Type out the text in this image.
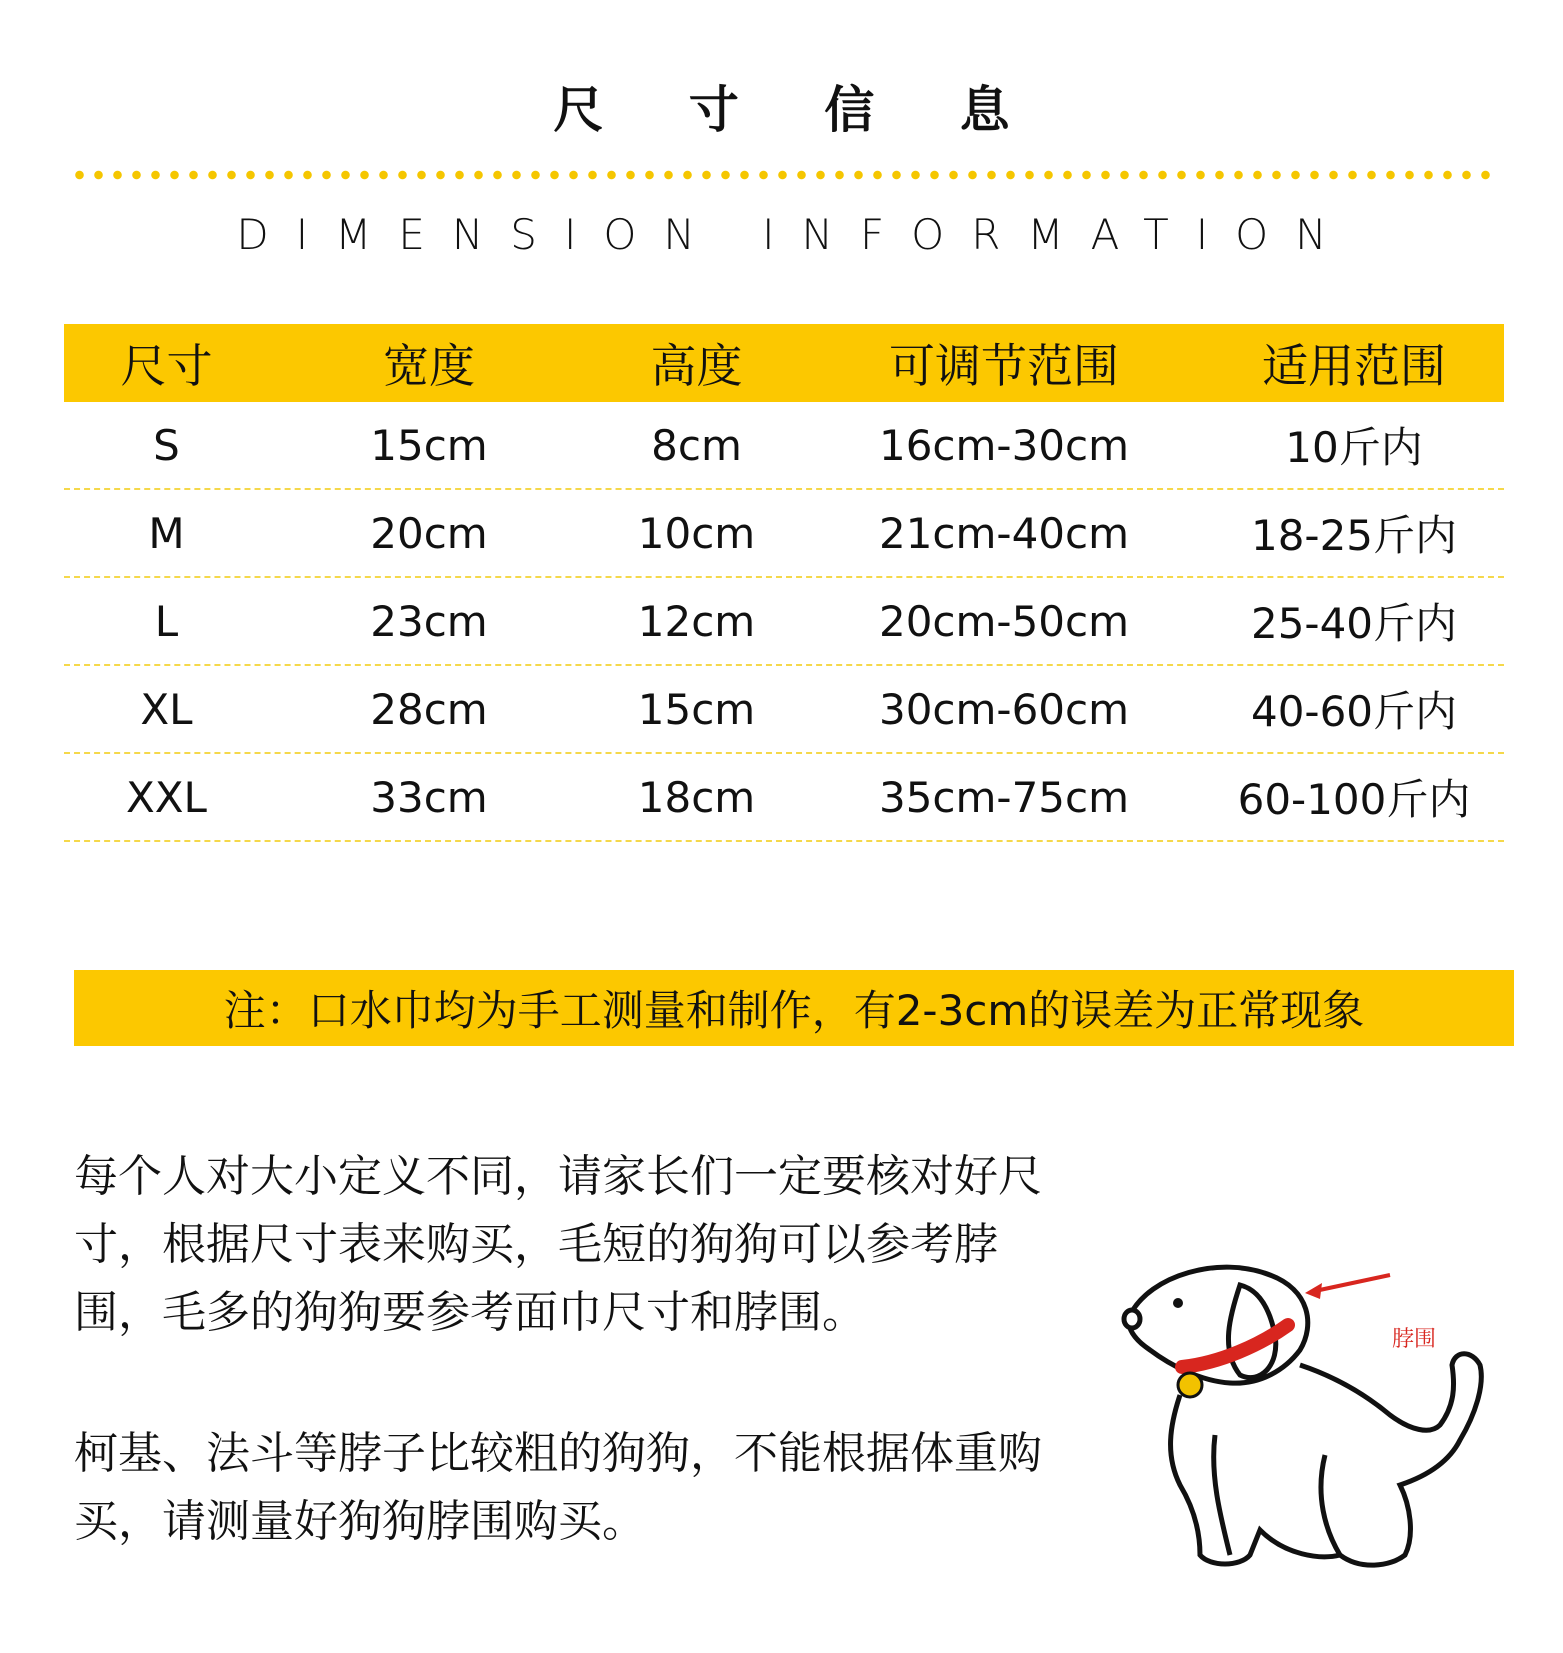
尺 寸 信 息
DIMENSION INFORMATION
尺寸	宽度	高度	可调节范围	适用范围
S	15cm	8cm	16cm-30cm	10斤内
M	20cm	10cm	21cm-40cm	18-25斤内
L	23cm	12cm	20cm-50cm	25-40斤内
XL	28cm	15cm	30cm-60cm	40-60斤内
XXL	33cm	18cm	35cm-75cm	60-100斤内
注：口水巾均为手工测量和制作，有2-3cm的误差为正常现象
每个人对大小定义不同，请家长们一定要核对好尺寸，根据尺寸表来购买，毛短的狗狗可以参考脖围，毛多的狗狗要参考面巾尺寸和脖围。
柯基、法斗等脖子比较粗的狗狗，不能根据体重购买，请测量好狗狗脖围购买。
脖围
